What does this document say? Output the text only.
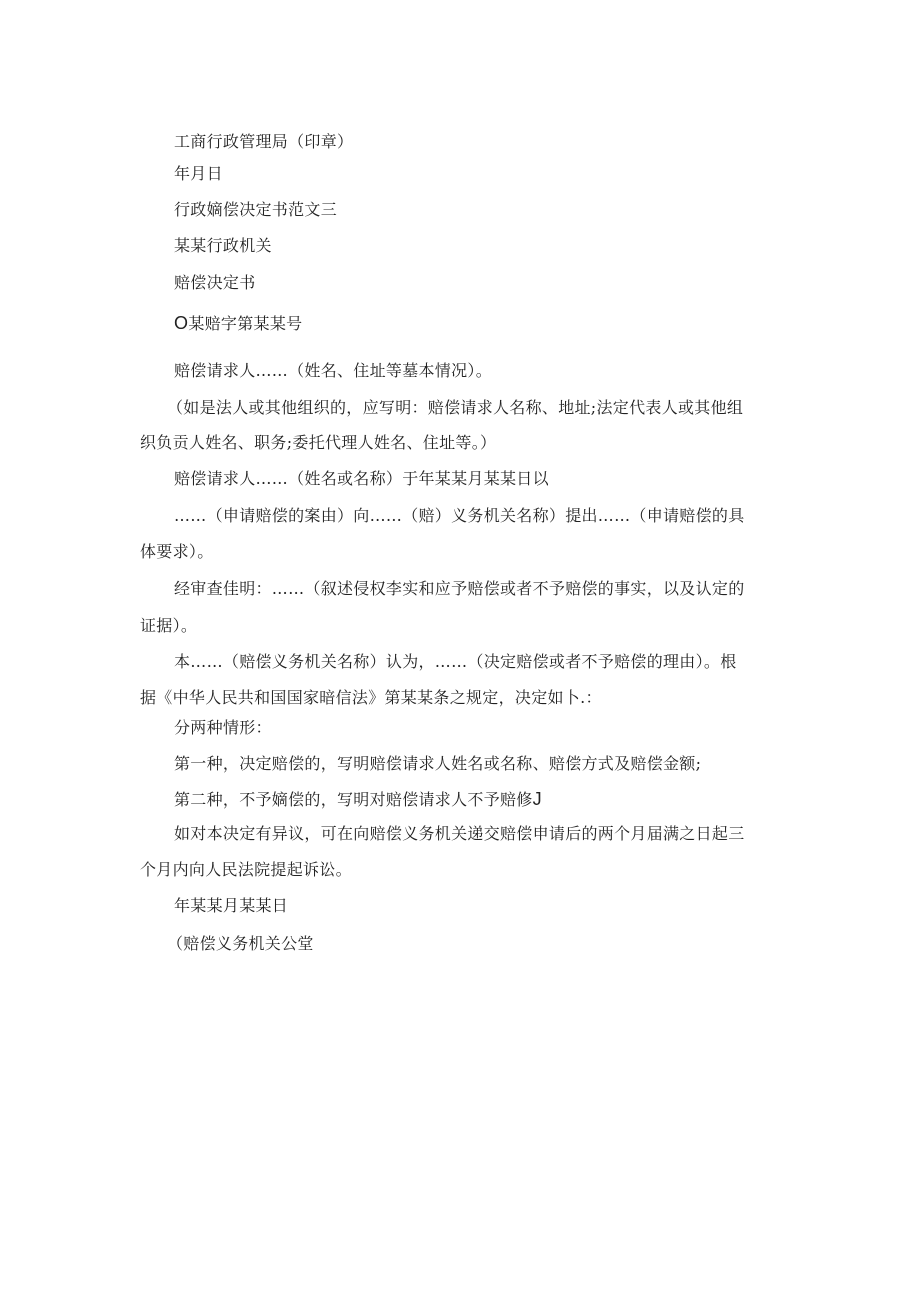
工商行政管理局（印章）
年月日
行政嫡偿决定书范文三
某某行政机关
赔偿决定书
O某赔字第某某号
赔偿请求人……（姓名、住址等墓本情况）。
（如是法人或其他组织的，应写明：赔偿请求人名称、地址;法定代表人或其他组
织负贡人姓名、职务;委托代理人姓名、住址等。）
赔偿请求人……（姓名或名称）于年某某月某某日以
……（申请赔偿的案由）向……（赔）义务机关名称）提出……（申请赔偿的具
体要求）。
经审查佳明：……（叙述侵权李实和应予赔偿或者不予赔偿的事实，以及认定的
证据）。
本……（赔偿义务机关名称）认为，……（决定赔偿或者不予赔偿的理由）。根
据《中华人民共和国国家暗信法》第某某条之规定，决定如卜.：
分两种情形：
第一种，决定赔偿的，写明赔偿请求人姓名或名称、赔偿方式及赔偿金额;
第二种，不予嫡偿的，写明对赔偿请求人不予赔修J
如对本决定有异议，可在向赔偿义务机关递交赔偿申请后的两个月届满之日起三
个月内向人民法院提起诉讼。
年某某月某某日
（赔偿义务机关公堂
